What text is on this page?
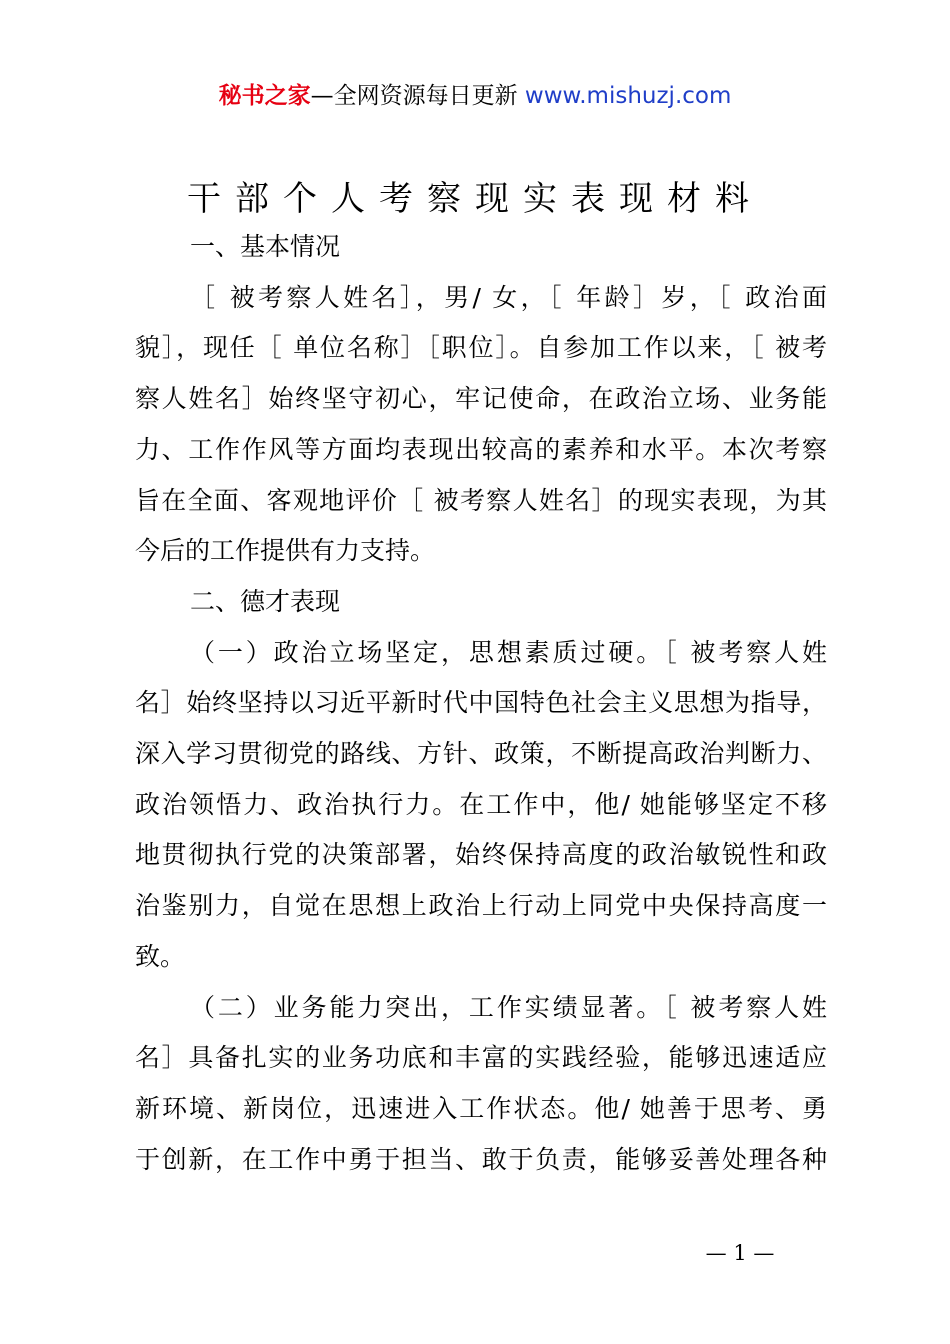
秘书之家—全网资源每日更新 www.mishuzj.com
干部个人考察现实表现材料
一、基本情况
［ 被考察人姓名］，男/ 女，［ 年龄］岁，［ 政治面
貌］，现任［ 单位名称］［职位］。自参加工作以来，［ 被考
察人姓名］始终坚守初心，牢记使命，在政治立场、业务能
力、工作作风等方面均表现出较高的素养和水平。本次考察
旨在全面、客观地评价［ 被考察人姓名］的现实表现，为其
今后的工作提供有力支持。
二、德才表现
（一）政治立场坚定，思想素质过硬。［ 被考察人姓
名］始终坚持以习近平新时代中国特色社会主义思想为指导，
深入学习贯彻党的路线、方针、政策，不断提高政治判断力、
政治领悟力、政治执行力。在工作中，他/ 她能够坚定不移
地贯彻执行党的决策部署，始终保持高度的政治敏锐性和政
治鉴别力，自觉在思想上政治上行动上同党中央保持高度一
致。
（二）业务能力突出，工作实绩显著。［ 被考察人姓
名］具备扎实的业务功底和丰富的实践经验，能够迅速适应
新环境、新岗位，迅速进入工作状态。他/ 她善于思考、勇
于创新，在工作中勇于担当、敢于负责，能够妥善处理各种
— 1 —
